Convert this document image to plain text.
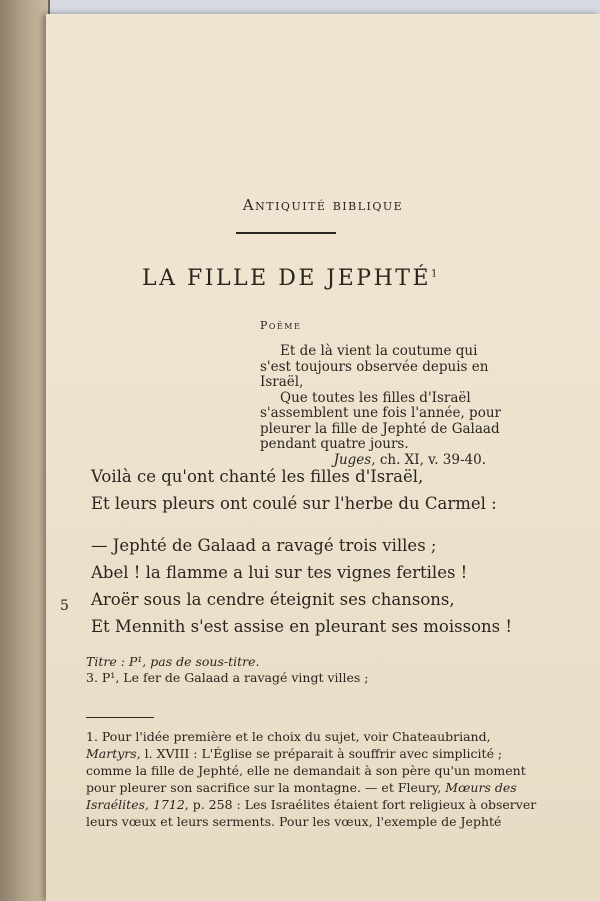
Antiquité biblique
LA FILLE DE JEPHTÉ$^1$
Poëme
Et de là vient la coutume qui
s'est toujours observée depuis en
Israël,
Que toutes les filles d'Israël
s'assemblent une fois l'année, pour
pleurer la fille de Jephté de Galaad
pendant quatre jours.
Juges, ch. XI, v. 39-40.
Voilà ce qu'ont chanté les filles d'Israël,
Et leurs pleurs ont coulé sur l'herbe du Carmel :
— Jephté de Galaad a ravagé trois villes ;
Abel ! la flamme a lui sur tes vignes fertiles !
Aroër sous la cendre éteignit ses chansons,
Et Mennith s'est assise en pleurant ses moissons !
5
Titre : P¹, pas de sous-titre.
3. P¹, Le fer de Galaad a ravagé vingt villes ;
1. Pour l'idée première et le choix du sujet, voir Chateaubriand,
Martyrs, l. XVIII : L'Église se préparait à souffrir avec simplicité ;
comme la fille de Jephté, elle ne demandait à son père qu'un moment
pour pleurer son sacrifice sur la montagne. — et Fleury, Mœurs des
Israélites, 1712, p. 258 : Les Israélites étaient fort religieux à observer
leurs vœux et leurs serments. Pour les vœux, l'exemple de Jephté
